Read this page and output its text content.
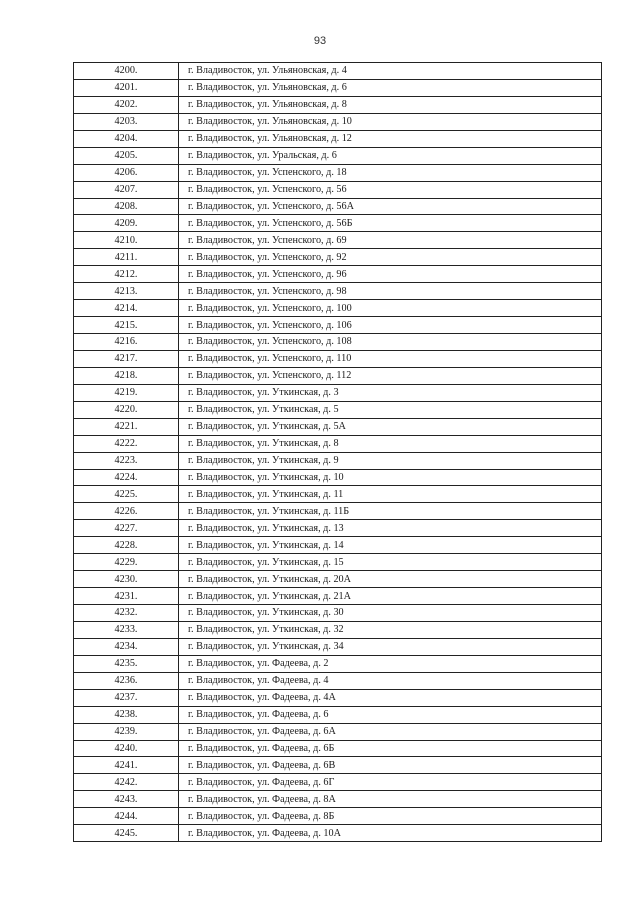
93
4200.	г. Владивосток, ул. Ульяновская, д. 4
4201.	г. Владивосток, ул. Ульяновская, д. 6
4202.	г. Владивосток, ул. Ульяновская, д. 8
4203.	г. Владивосток, ул. Ульяновская, д. 10
4204.	г. Владивосток, ул. Ульяновская, д. 12
4205.	г. Владивосток, ул. Уральская, д. 6
4206.	г. Владивосток, ул. Успенского, д. 18
4207.	г. Владивосток, ул. Успенского, д. 56
4208.	г. Владивосток, ул. Успенского, д. 56А
4209.	г. Владивосток, ул. Успенского, д. 56Б
4210.	г. Владивосток, ул. Успенского, д. 69
4211.	г. Владивосток, ул. Успенского, д. 92
4212.	г. Владивосток, ул. Успенского, д. 96
4213.	г. Владивосток, ул. Успенского, д. 98
4214.	г. Владивосток, ул. Успенского, д. 100
4215.	г. Владивосток, ул. Успенского, д. 106
4216.	г. Владивосток, ул. Успенского, д. 108
4217.	г. Владивосток, ул. Успенского, д. 110
4218.	г. Владивосток, ул. Успенского, д. 112
4219.	г. Владивосток, ул. Уткинская, д. 3
4220.	г. Владивосток, ул. Уткинская, д. 5
4221.	г. Владивосток, ул. Уткинская, д. 5А
4222.	г. Владивосток, ул. Уткинская, д. 8
4223.	г. Владивосток, ул. Уткинская, д. 9
4224.	г. Владивосток, ул. Уткинская, д. 10
4225.	г. Владивосток, ул. Уткинская, д. 11
4226.	г. Владивосток, ул. Уткинская, д. 11Б
4227.	г. Владивосток, ул. Уткинская, д. 13
4228.	г. Владивосток, ул. Уткинская, д. 14
4229.	г. Владивосток, ул. Уткинская, д. 15
4230.	г. Владивосток, ул. Уткинская, д. 20А
4231.	г. Владивосток, ул. Уткинская, д. 21А
4232.	г. Владивосток, ул. Уткинская, д. 30
4233.	г. Владивосток, ул. Уткинская, д. 32
4234.	г. Владивосток, ул. Уткинская, д. 34
4235.	г. Владивосток, ул. Фадеева, д. 2
4236.	г. Владивосток, ул. Фадеева, д. 4
4237.	г. Владивосток, ул. Фадеева, д. 4А
4238.	г. Владивосток, ул. Фадеева, д. 6
4239.	г. Владивосток, ул. Фадеева, д. 6А
4240.	г. Владивосток, ул. Фадеева, д. 6Б
4241.	г. Владивосток, ул. Фадеева, д. 6В
4242.	г. Владивосток, ул. Фадеева, д. 6Г
4243.	г. Владивосток, ул. Фадеева, д. 8А
4244.	г. Владивосток, ул. Фадеева, д. 8Б
4245.	г. Владивосток, ул. Фадеева, д. 10А
